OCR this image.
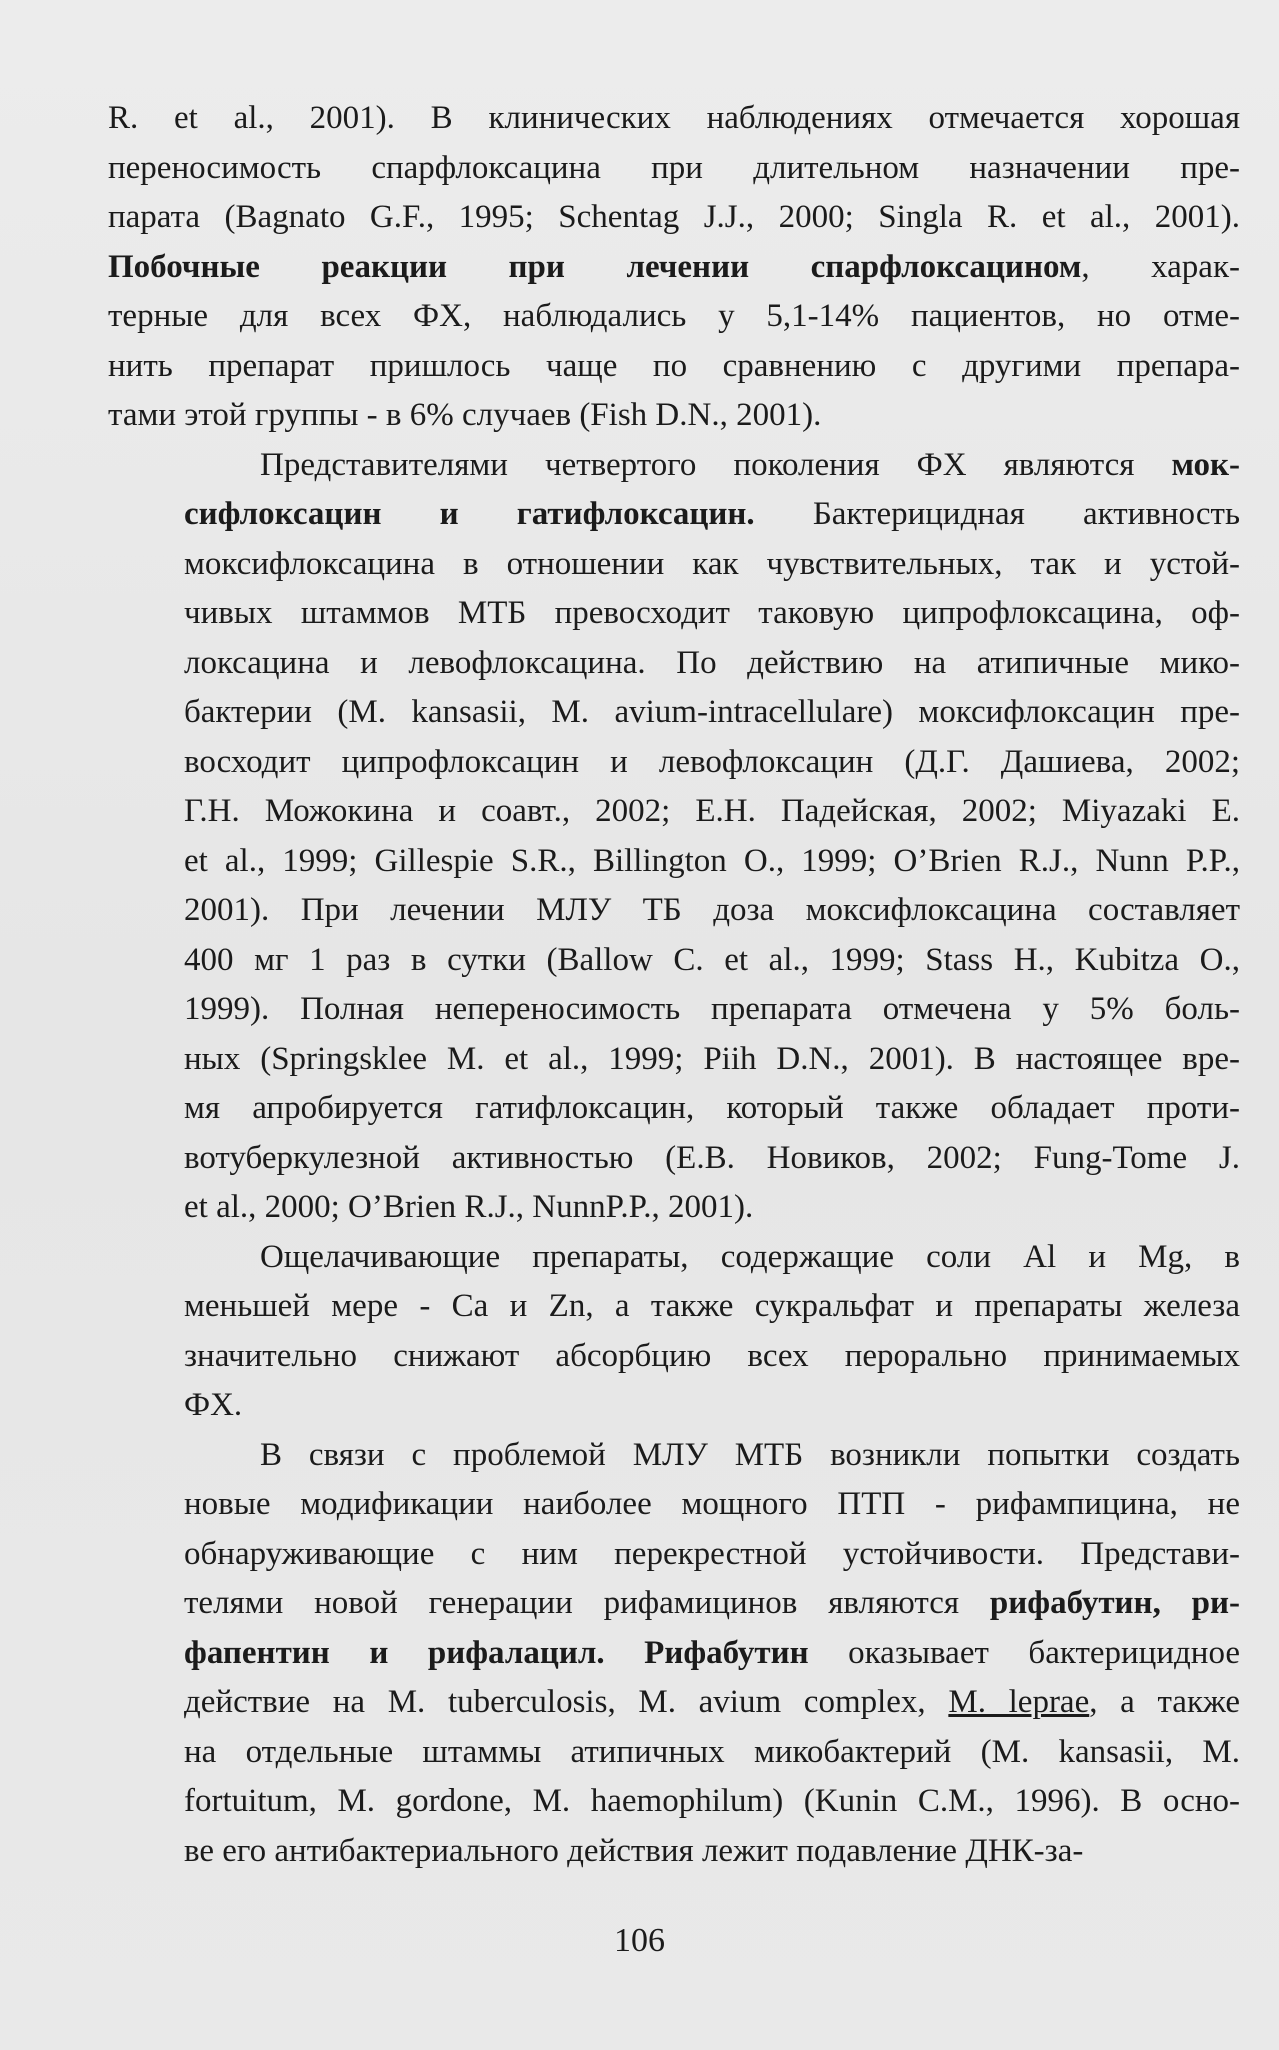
R. et al., 2001). В клинических наблюдениях отмечается хорошая
переносимость спарфлоксацина при длительном назначении пре-
парата (Bagnato G.F., 1995; Schentag J.J., 2000; Singla R. et al., 2001).
Побочные реакции при лечении спарфлоксацином, харак-
терные для всех ФХ, наблюдались у 5,1-14% пациентов, но отме-
нить препарат пришлось чаще по сравнению с другими препара-
тами этой группы - в 6% случаев (Fish D.N., 2001).
Представителями четвертого поколения ФХ являются мок-
сифлоксацин и гатифлоксацин. Бактерицидная активность
моксифлоксацина в отношении как чувствительных, так и устой-
чивых штаммов МТБ превосходит таковую ципрофлоксацина, оф-
локсацина и левофлоксацина. По действию на атипичные мико-
бактерии (M. kansasii, M. avium-intracellulare) моксифлоксацин пре-
восходит ципрофлоксацин и левофлоксацин (Д.Г. Дашиева, 2002;
Г.Н. Можокина и соавт., 2002; Е.Н. Падейская, 2002; Miyazaki E.
et al., 1999; Gillespie S.R., Billington O., 1999; O’Brien R.J., Nunn P.P.,
2001). При лечении МЛУ ТБ доза моксифлоксацина составляет
400 мг 1 раз в сутки (Ballow C. et al., 1999; Stass H., Kubitza O.,
1999). Полная непереносимость препарата отмечена у 5% боль-
ных (Springsklee M. et al., 1999; Piih D.N., 2001). В настоящее вре-
мя апробируется гатифлоксацин, который также обладает проти-
вотуберкулезной активностью (Е.В. Новиков, 2002; Fung-Tome J.
et al., 2000; O’Brien R.J., NunnP.P., 2001).
Ощелачивающие препараты, содержащие соли Al и Mg, в
меньшей мере - Ca и Zn, а также сукральфат и препараты железа
значительно снижают абсорбцию всех перорально принимаемых
ФХ.
В связи с проблемой МЛУ МТБ возникли попытки создать
новые модификации наиболее мощного ПТП - рифампицина, не
обнаруживающие с ним перекрестной устойчивости. Представи-
телями новой генерации рифамицинов являются рифабутин, ри-
фапентин и рифалацил. Рифабутин оказывает бактерицидное
действие на M. tuberculosis, M. avium complex, M. leprae, а также
на отдельные штаммы атипичных микобактерий (M. kansasii, M.
fortuitum, M. gordone, M. haemophilum) (Kunin C.M., 1996). В осно-
ве его антибактериального действия лежит подавление ДНК-за-
106
